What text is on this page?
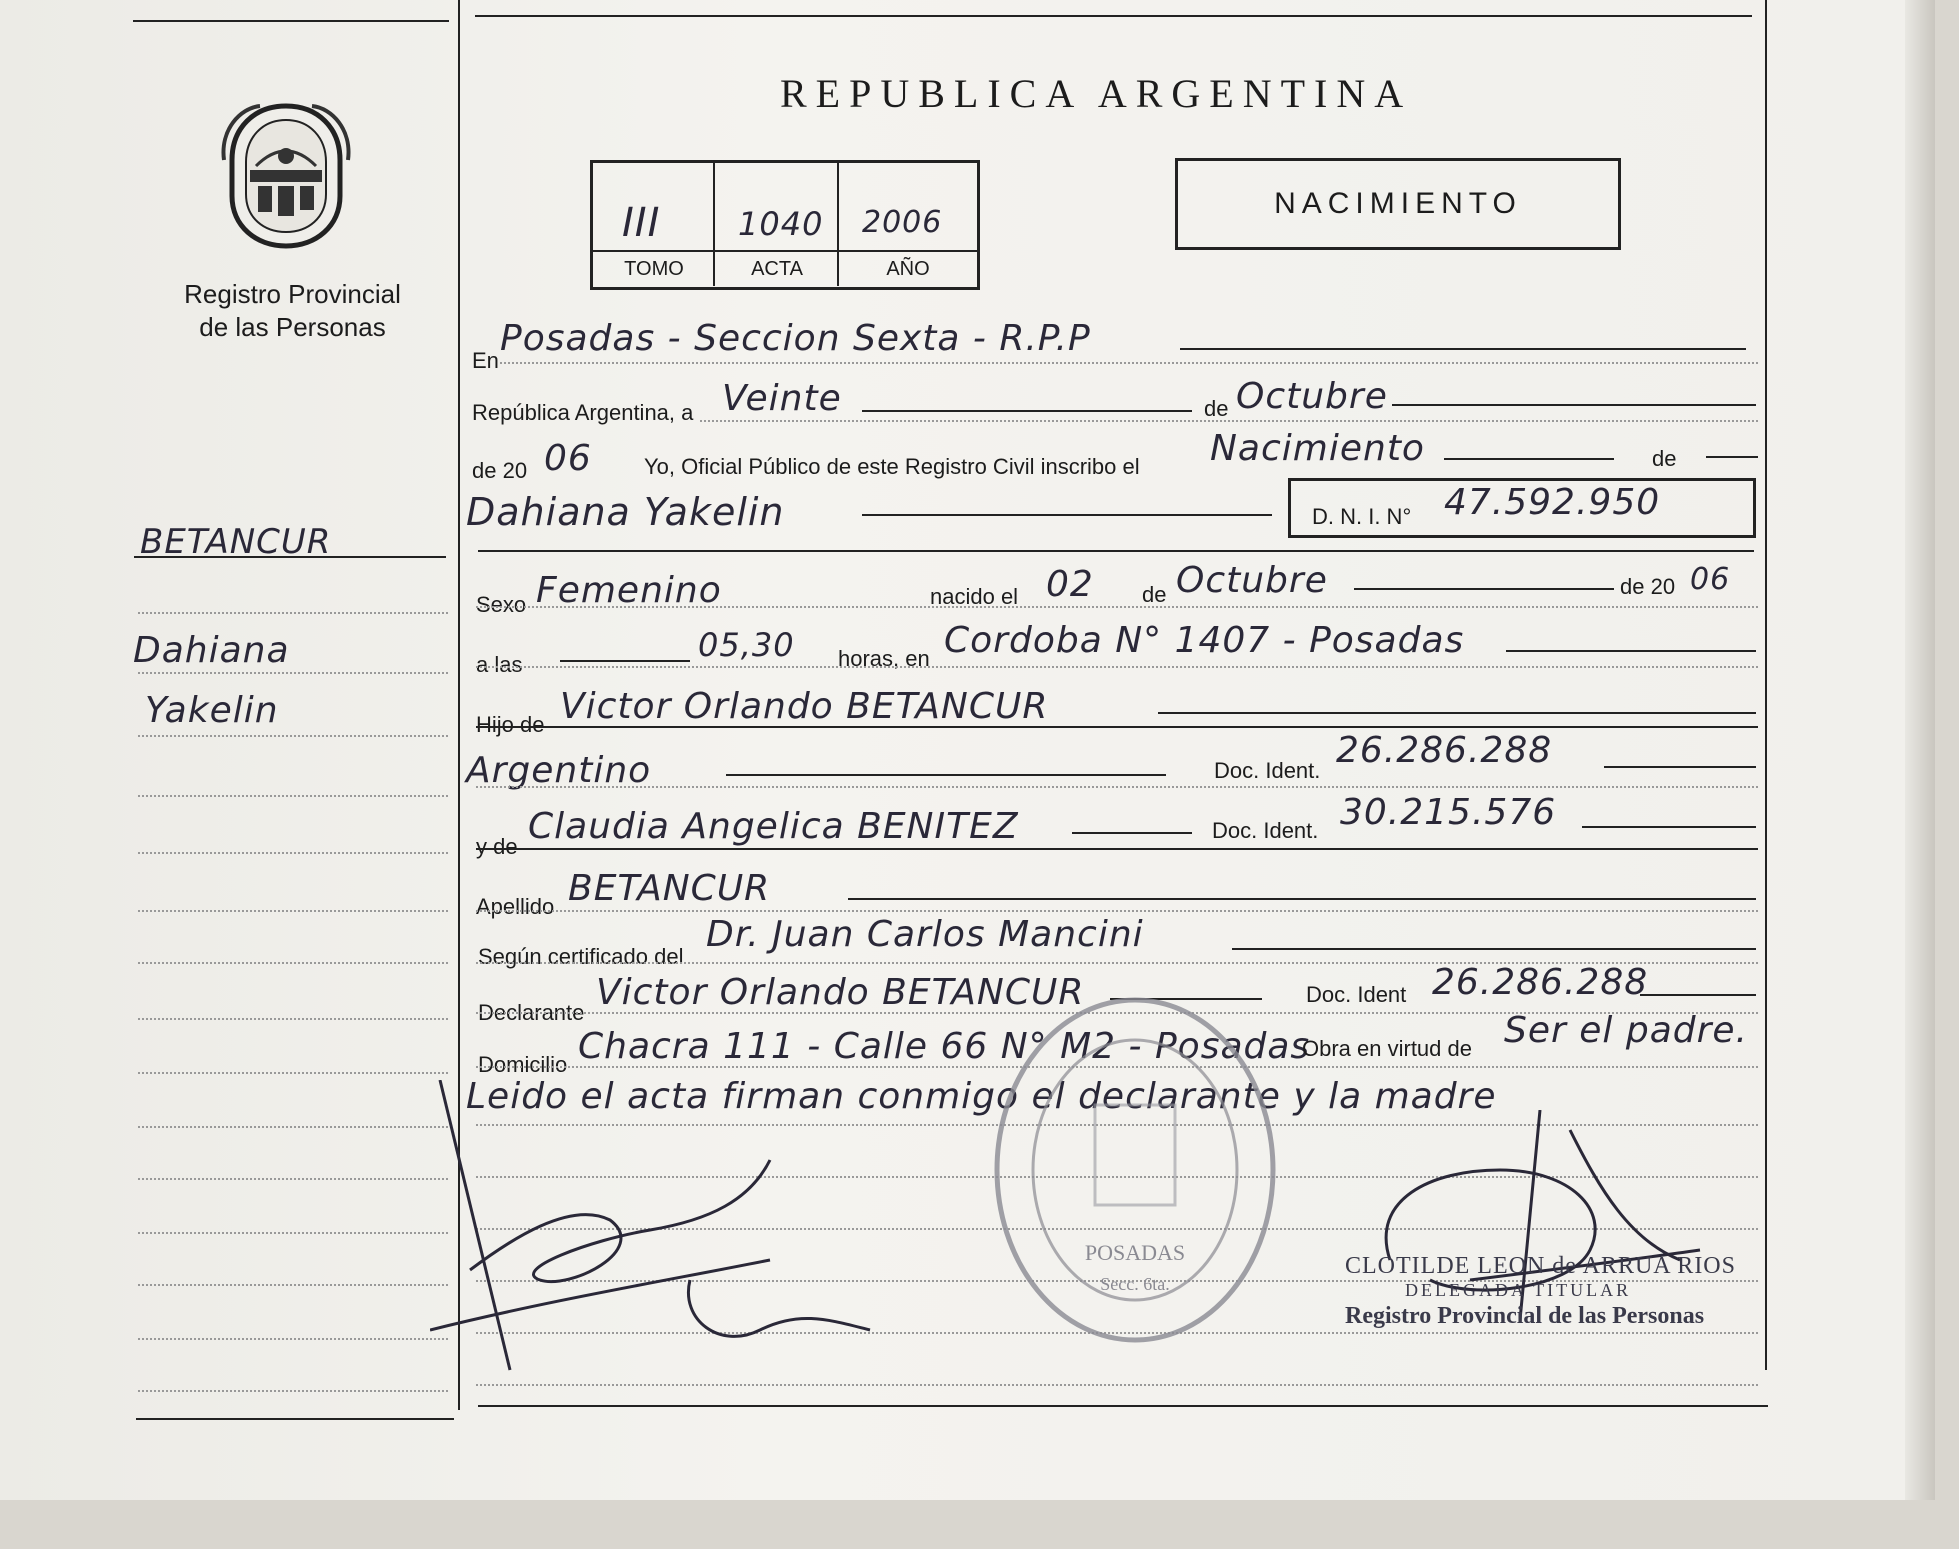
Registro Provincial
de las Personas
REPUBLICA ARGENTINA
III 1040 2006
TOMO	ACTA	AÑO
NACIMIENTO
BETANCUR
Dahiana
Yakelin
En
Posadas - Seccion Sexta - R.P.P
República Argentina, a Veinte	de Octubre
de 20 06 Yo, Oficial Público de este Registro Civil inscribo el Nacimiento	de
Dahiana Yakelin	D. N. I. N° 47.592.950
Sexo Femenino	nacido el 02 de Octubre	de 20 06
a las
05,30 horas, en Cordoba N° 1407 - Posadas
Hijo de Victor Orlando BETANCUR
Argentino	Doc. Ident. 26.286.288
y de Claudia Angelica BENITEZ	Doc. Ident. 30.215.576
Apellido BETANCUR
Según certificado del
Dr. Juan Carlos Mancini
Declarante Victor Orlando BETANCUR	Doc. Ident 26.286.288
Domicilio Chacra 111 - Calle 66 N° M2 - Posadas
Obra en virtud de Ser el padre.
Leido el acta firman conmigo el declarante y la madre
POSADAS
Secc. 6ta.
CLOTILDE LEON de ARRUA RIOS
DELEGADA TITULAR
Registro Provincial de las Personas
